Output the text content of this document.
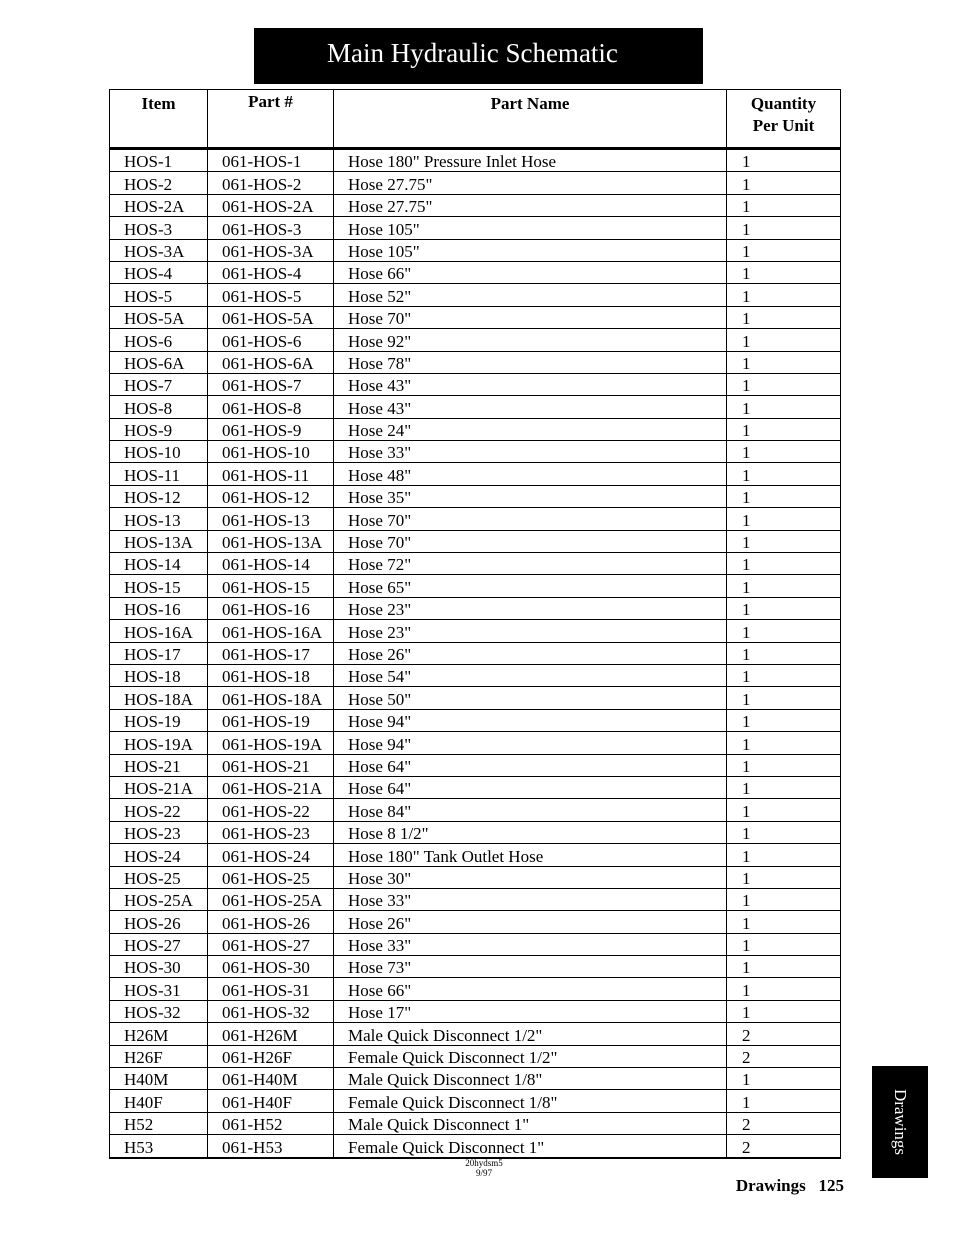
Main Hydraulic Schematic
Item	Part #	Part Name	Quantity
Per Unit

HOS-1	061-HOS-1	Hose 180" Pressure Inlet Hose	1
HOS-2	061-HOS-2	Hose 27.75"	1
HOS-2A	061-HOS-2A	Hose 27.75"	1
HOS-3	061-HOS-3	Hose 105"	1
HOS-3A	061-HOS-3A	Hose 105"	1
HOS-4	061-HOS-4	Hose 66"	1
HOS-5	061-HOS-5	Hose 52"	1
HOS-5A	061-HOS-5A	Hose 70"	1
HOS-6	061-HOS-6	Hose 92"	1
HOS-6A	061-HOS-6A	Hose 78"	1
HOS-7	061-HOS-7	Hose 43"	1
HOS-8	061-HOS-8	Hose 43"	1
HOS-9	061-HOS-9	Hose 24"	1
HOS-10	061-HOS-10	Hose 33"	1
HOS-11	061-HOS-11	Hose 48"	1
HOS-12	061-HOS-12	Hose 35"	1
HOS-13	061-HOS-13	Hose 70"	1
HOS-13A	061-HOS-13A	Hose 70"	1
HOS-14	061-HOS-14	Hose 72"	1
HOS-15	061-HOS-15	Hose 65"	1
HOS-16	061-HOS-16	Hose 23"	1
HOS-16A	061-HOS-16A	Hose 23"	1
HOS-17	061-HOS-17	Hose 26"	1
HOS-18	061-HOS-18	Hose 54"	1
HOS-18A	061-HOS-18A	Hose 50"	1
HOS-19	061-HOS-19	Hose 94"	1
HOS-19A	061-HOS-19A	Hose 94"	1
HOS-21	061-HOS-21	Hose 64"	1
HOS-21A	061-HOS-21A	Hose 64"	1
HOS-22	061-HOS-22	Hose 84"	1
HOS-23	061-HOS-23	Hose 8 1/2"	1
HOS-24	061-HOS-24	Hose 180" Tank Outlet Hose	1
HOS-25	061-HOS-25	Hose 30"	1
HOS-25A	061-HOS-25A	Hose 33"	1
HOS-26	061-HOS-26	Hose 26"	1
HOS-27	061-HOS-27	Hose 33"	1
HOS-30	061-HOS-30	Hose 73"	1
HOS-31	061-HOS-31	Hose 66"	1
HOS-32	061-HOS-32	Hose 17"	1
H26M	061-H26M	Male Quick Disconnect 1/2"	2
H26F	061-H26F	Female Quick Disconnect 1/2"	2
H40M	061-H40M	Male Quick Disconnect 1/8"	1
H40F	061-H40F	Female Quick Disconnect 1/8"	1
H52	061-H52	Male Quick Disconnect 1"	2
H53	061-H53	Female Quick Disconnect 1"	2
20hydsm5
9/97
Drawings 125
Drawings
